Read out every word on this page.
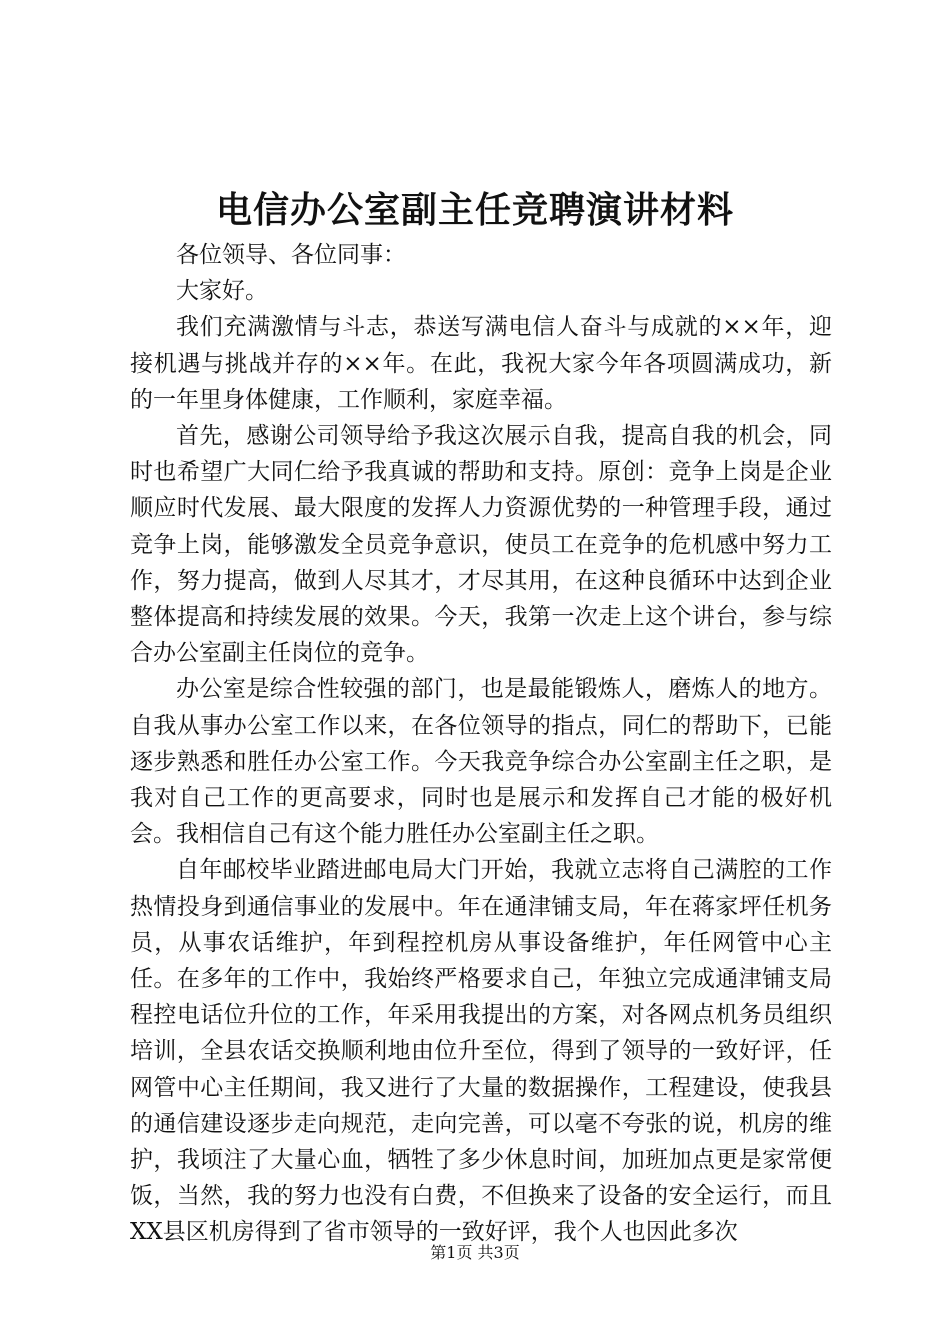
电信办公室副主任竞聘演讲材料

各位领导、各位同事：

大家好。

我们充满激情与斗志，恭送写满电信人奋斗与成就的××年，迎接机遇与挑战并存的××年。在此，我祝大家今年各项圆满成功，新的一年里身体健康，工作顺利，家庭幸福。

首先，感谢公司领导给予我这次展示自我，提高自我的机会，同时也希望广大同仁给予我真诚的帮助和支持。原创：竞争上岗是企业顺应时代发展、最大限度的发挥人力资源优势的一种管理手段，通过竞争上岗，能够激发全员竞争意识，使员工在竞争的危机感中努力工作，努力提高，做到人尽其才，才尽其用，在这种良循环中达到企业整体提高和持续发展的效果。今天，我第一次走上这个讲台，参与综合办公室副主任岗位的竞争。

办公室是综合性较强的部门，也是最能锻炼人，磨炼人的地方。自我从事办公室工作以来，在各位领导的指点，同仁的帮助下，已能逐步熟悉和胜任办公室工作。今天我竞争综合办公室副主任之职，是我对自己工作的更高要求，同时也是展示和发挥自己才能的极好机会。我相信自己有这个能力胜任办公室副主任之职。

自年邮校毕业踏进邮电局大门开始，我就立志将自己满腔的工作热情投身到通信事业的发展中。年在通津铺支局，年在蒋家坪任机务员，从事农话维护，年到程控机房从事设备维护，年任网管中心主任。在多年的工作中，我始终严格要求自己，年独立完成通津铺支局程控电话位升位的工作，年采用我提出的方案，对各网点机务员组织培训，全县农话交换顺利地由位升至位，得到了领导的一致好评，任网管中心主任期间，我又进行了大量的数据操作，工程建设，使我县的通信建设逐步走向规范，走向完善，可以毫不夸张的说，机房的维护，我顷注了大量心血，牺牲了多少休息时间，加班加点更是家常便饭，当然，我的努力也没有白费，不但换来了设备的安全运行，而且XX县区机房得到了省市领导的一致好评，我个人也因此多次

第1页 共3页
